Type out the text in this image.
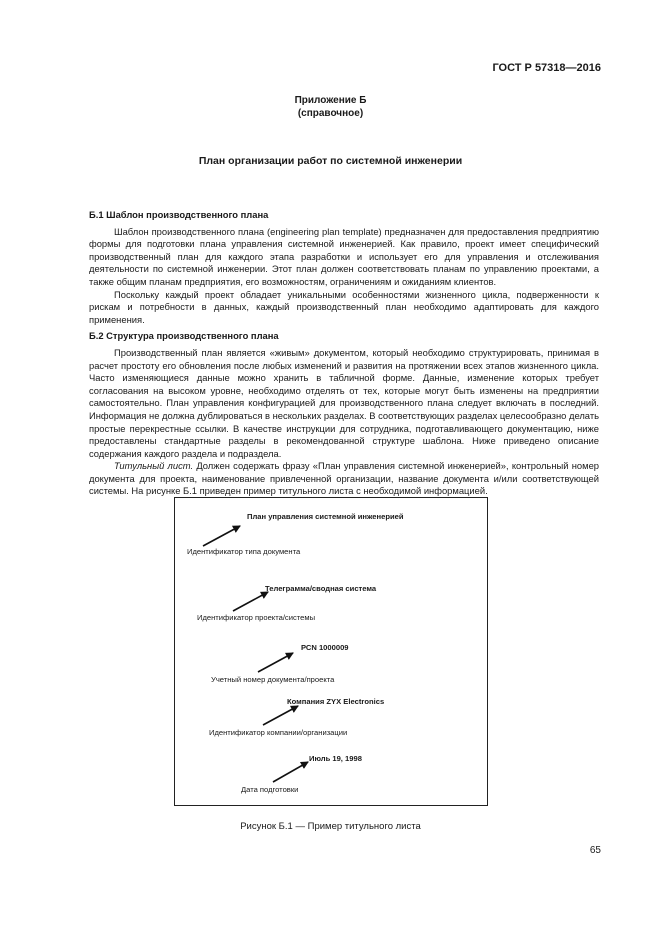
ГОСТ Р 57318—2016
Приложение Б
(справочное)
План организации работ по системной инженерии
Б.1 Шаблон производственного плана

Шаблон производственного плана (engineering plan template) предназначен для предоставления предприятию формы для подготовки плана управления системной инженерией. Как правило, проект имеет специфический производственный план для каждого этапа разработки и использует его для управления и отслеживания деятельности по системной инженерии. Этот план должен соответствовать планам по управлению проектами, а также общим планам предприятия, его возможностям, ограничениям и ожиданиям клиентов.

Поскольку каждый проект обладает уникальными особенностями жизненного цикла, подверженности к рискам и потребности в данных, каждый производственный план необходимо адаптировать для каждого применения.

Б.2 Структура производственного плана

Производственный план является «живым» документом, который необходимо структурировать, принимая в расчет простоту его обновления после любых изменений и развития на протяжении всех этапов жизненного цикла. Часто изменяющиеся данные можно хранить в табличной форме. Данные, изменение которых требует согласования на высоком уровне, необходимо отделять от тех, которые могут быть изменены на предприятии самостоятельно. План управления конфигурацией для производственного плана следует включать в последний. Информация не должна дублироваться в нескольких разделах. В соответствующих разделах целесообразно делать простые перекрестные ссылки. В качестве инструкции для сотрудника, подготавливающего документацию, ниже предоставлены стандартные разделы в рекомендованной структуре шаблона. Ниже приведено описание содержания каждого раздела и подраздела.

Титульный лист. Должен содержать фразу «План управления системной инженерией», контрольный номер документа для проекта, наименование привлеченной организации, название документа и/или соответствующей системы. На рисунке Б.1 приведен пример титульного листа с необходимой информацией.

План управления системной инженерией
Идентификатор типа документа
Телеграмма/сводная система
Идентификатор проекта/системы
РСN 1000009
Учетный номер документа/проекта
Компания ZYX Electronics
Идентификатор компании/организации
Июль 19, 1998
Дата подготовки
Рисунок Б.1 — Пример титульного листа
65
